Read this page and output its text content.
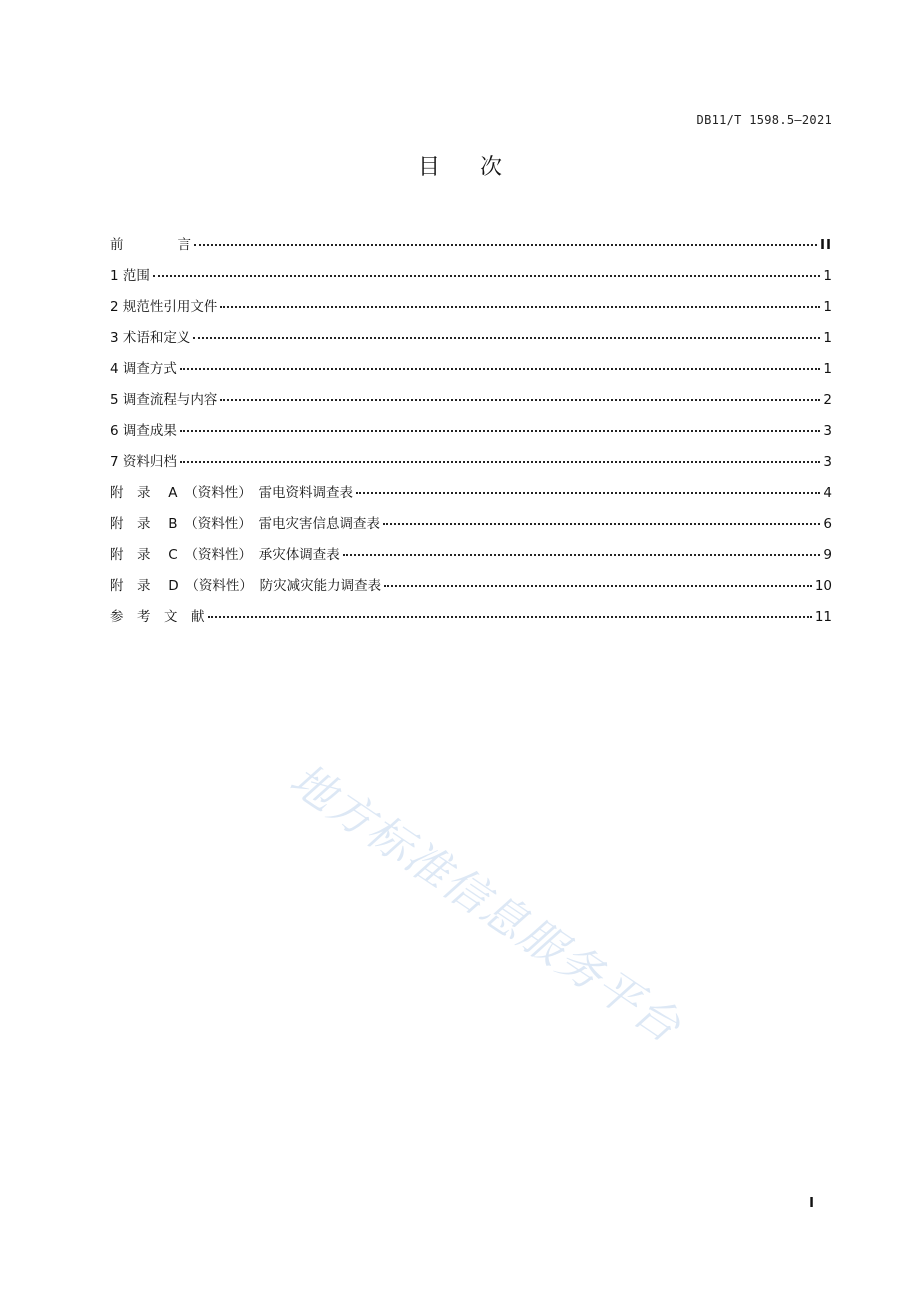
DB11/T 1598.5—2021
目次
前　　　　言	II
1 范围	1
2 规范性引用文件	1
3 术语和定义	1
4 调查方式	1
5 调查流程与内容	2
6 调查成果	3
7 资料归档	3
附　录　 A　（资料性）　雷电资料调查表	4
附　录　 B　（资料性）　雷电灾害信息调查表	6
附　录　 C　（资料性）　承灾体调查表	9
附　录　 D　（资料性）　防灾减灾能力调查表	10
参　考　文　献	11
地方标准信息服务平台
I
